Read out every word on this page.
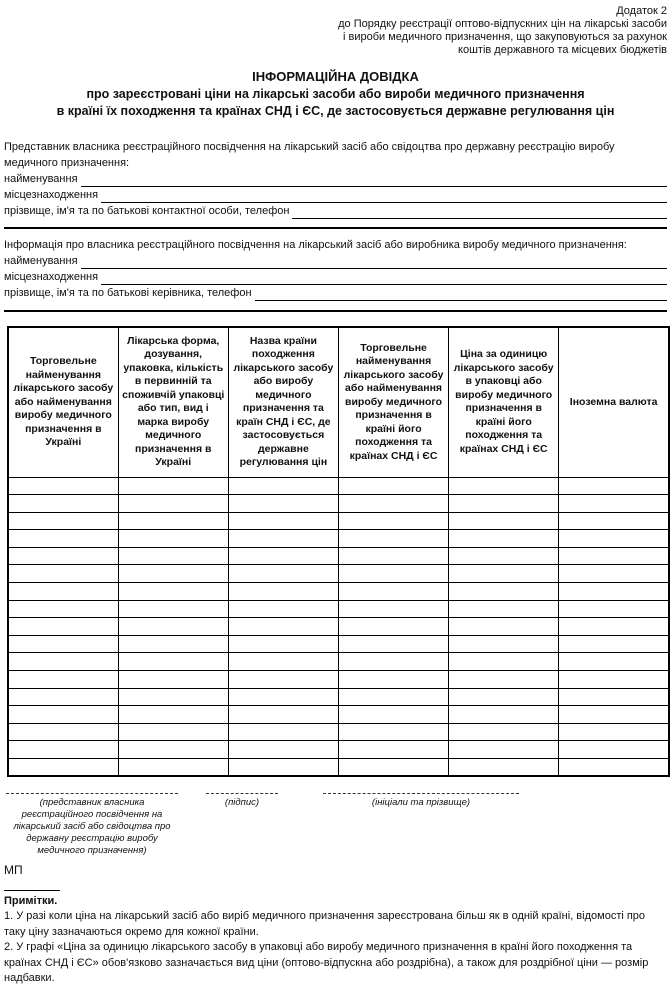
Додаток 2
до Порядку реєстрації оптово-відпускних цін на лікарські засоби
і вироби медичного призначення, що закуповуються за рахунок
коштів державного та місцевих бюджетів
ІНФОРМАЦІЙНА ДОВІДКА
про зареєстровані ціни на лікарські засоби або вироби медичного призначення
в країні їх походження та країнах СНД і ЄС, де застосовується державне регулювання цін
Представник власника реєстраційного посвідчення на лікарський засіб або свідоцтва про державну реєстрацію виробу медичного призначення:
найменування
місцезнаходження
прізвище, ім'я та по батькові контактної особи, телефон
Інформація про власника реєстраційного посвідчення на лікарський засіб або виробника виробу медичного призначення:
найменування
місцезнаходження
прізвище, ім'я та по батькові керівника, телефон
Торговельне найменування лікарського засобу або найменування виробу медичного призначення в Україні	Лікарська форма, дозування, упаковка, кількість в первинній та споживчій упаковці або тип, вид і марка виробу медичного призначення в Україні	Назва країни походження лікарського засобу або виробу медичного призначення та країн СНД і ЄС, де застосовується державне регулювання цін	Торговельне найменування лікарського засобу або найменування виробу медичного призначення в країні його походження та країнах СНД і ЄС	Ціна за одиницю лікарського засобу в упаковці або виробу медичного призначення в країні його походження та країнах СНД і ЄС	Іноземна валюта

(представник власника реєстраційного посвідчення на лікарський засіб або свідоцтва про державну реєстрацію виробу медичного призначення)
(підпис)	(ініціали та прізвище)
МП
Примітки.
1. У разі коли ціна на лікарський засіб або виріб медичного призначення зареєстрована більш як в одній країні, відомості про таку ціну зазначаються окремо для кожної країни.
2. У графі «Ціна за одиницю лікарського засобу в упаковці або виробу медичного призначення в країні його походження та країнах СНД і ЄС» обов'язково зазначається вид ціни (оптово-відпускна або роздрібна), а також для роздрібної ціни — розмір надбавки.
